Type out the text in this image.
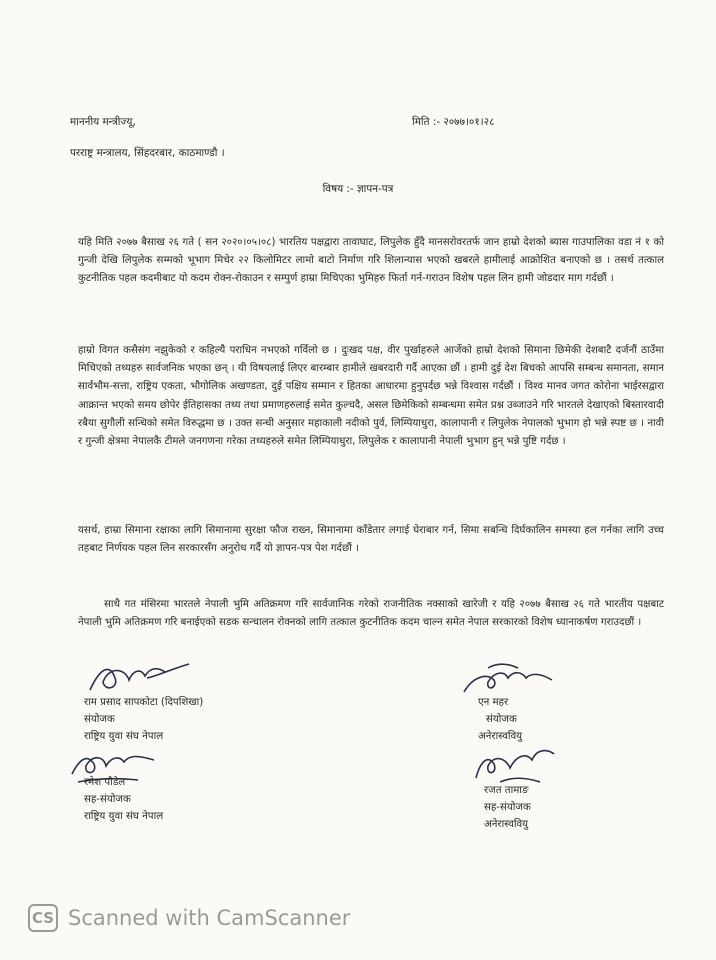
माननीय मन्त्रीज्यू,	मिति :- २०७७।०१।२८
परराष्ट्र मन्त्रालय, सिंहदरबार, काठमाण्डौ ।
विषय :- ज्ञापन-पत्र
यहि मिति २०७७ बैसाख २६ गते ( सन २०२०।०५।०८) भारतिय पक्षद्वारा तावाघाट, लिपुलेक हुँदै मानसरोवरतर्फ जान हाम्रो देशको ब्यास गाउपालिका वडा नं १ को गुन्जी देखि लिपुलेक सम्मको भूभाग मिचेर २२ किलोमिटर लामो बाटो निर्माण गरि शिलान्यास भएको खबरले हामीलाई आक्रोशित बनाएको छ । तसर्थ तत्काल कुटनीतिक पहल कदमीबाट यो कदम रोक्न-रोकाउन र सम्पुर्ण हाम्रा मिचिएका भुमिहरु फिर्ता गर्न-गराउन विशेष पहल लिन हामी जोडदार माग गर्दछौं ।
हाम्रो विगत कसैसंग नझुकेको र कहिल्यै पराधिन नभएको गर्विलो छ । दुःखद पक्ष, वीर पुर्खाहरुले आर्जेको हाम्रो देशको सिमाना छिमेकी देशबाटै दर्जनौं ठाउँमा मिचिएको तथ्यहरु सार्वजनिक भएका छन् । यी विषयलाई लिएर बारम्बार हामीले खबरदारी गर्दै आएका छौं । हामी दुई देश बिचको आपसि सम्बन्ध समानता, समान सार्वभौम-सत्ता, राष्ट्रिय एकता, भौगोलिक अखण्डता, दुई पक्षिय सम्मान र हितका आधारमा हुनुपर्दछ भन्ने विश्वास गर्दछौं । विश्व मानव जगत कोरोना भाईरसद्वारा आक्रान्त भएको समय छोपेर ईतिहासका तथ्य तथा प्रमाणहरुलाई समेत कुल्चदै, असल छिमेकिको सम्बन्धमा समेत प्रश्न उब्जाउने गरि भारतले देखाएको बिस्तारवादी रबैया सुगौली सन्धिको समेत विरुद्धमा छ । उक्त सन्धी अनुसार महाकाली नदीको पुर्व, लिम्पियाधुरा, कालापानी र लिपुलेक नेपालको भुभाग हो भन्ने स्पष्ट छ । नावी र गुन्जी क्षेत्रमा नेपालकै टीमले जनगणना गरेका तथ्यहरुले समेत लिम्पियाधुरा, लिपुलेक र कालापानी नेपाली भुभाग हुन् भन्ने पुष्टि गर्दछ ।
यसर्थ, हाम्रा सिमाना रक्षाका लागि सिमानामा सुरक्षा फौज राख्न, सिमानामा काँडेतार लगाई घेराबार गर्न, सिमा सबन्धि दिर्घकालिन समस्या हल गर्नका लागि उच्च तहबाट निर्णयक पहल लिन सरकारसँग अनुरोध गर्दै यो ज्ञापन-पत्र पेश गर्दछौं ।
साथै गत मंसिरमा भारतले नेपाली भुमि अतिक्रमण गरि सार्वजानिक गरेको राजनीतिक नक्साको खारेजी र यहि २०७७ बैसाख २६ गते भारतीय पक्षबाट नेपाली भुमि अतिक्रमण गरि बनाईएको सडक सन्चालन रोक्नको लागि तत्काल कुटनीतिक कदम चाल्न समेत नेपाल सरकारको विशेष ध्यानाकर्षण गराउदछौं ।
राम प्रसाद सापकोटा (दिपशिखा)
संयोजक
राष्ट्रिय युवा संघ नेपाल
एन महर
संयोजक
अनेरास्ववियु
रमेश पौडेल
सह-संयोजक
राष्ट्रिय युवा संघ नेपाल
रजत तामाङ
सह-संयोजक
अनेरास्ववियु
CS Scanned with CamScanner
